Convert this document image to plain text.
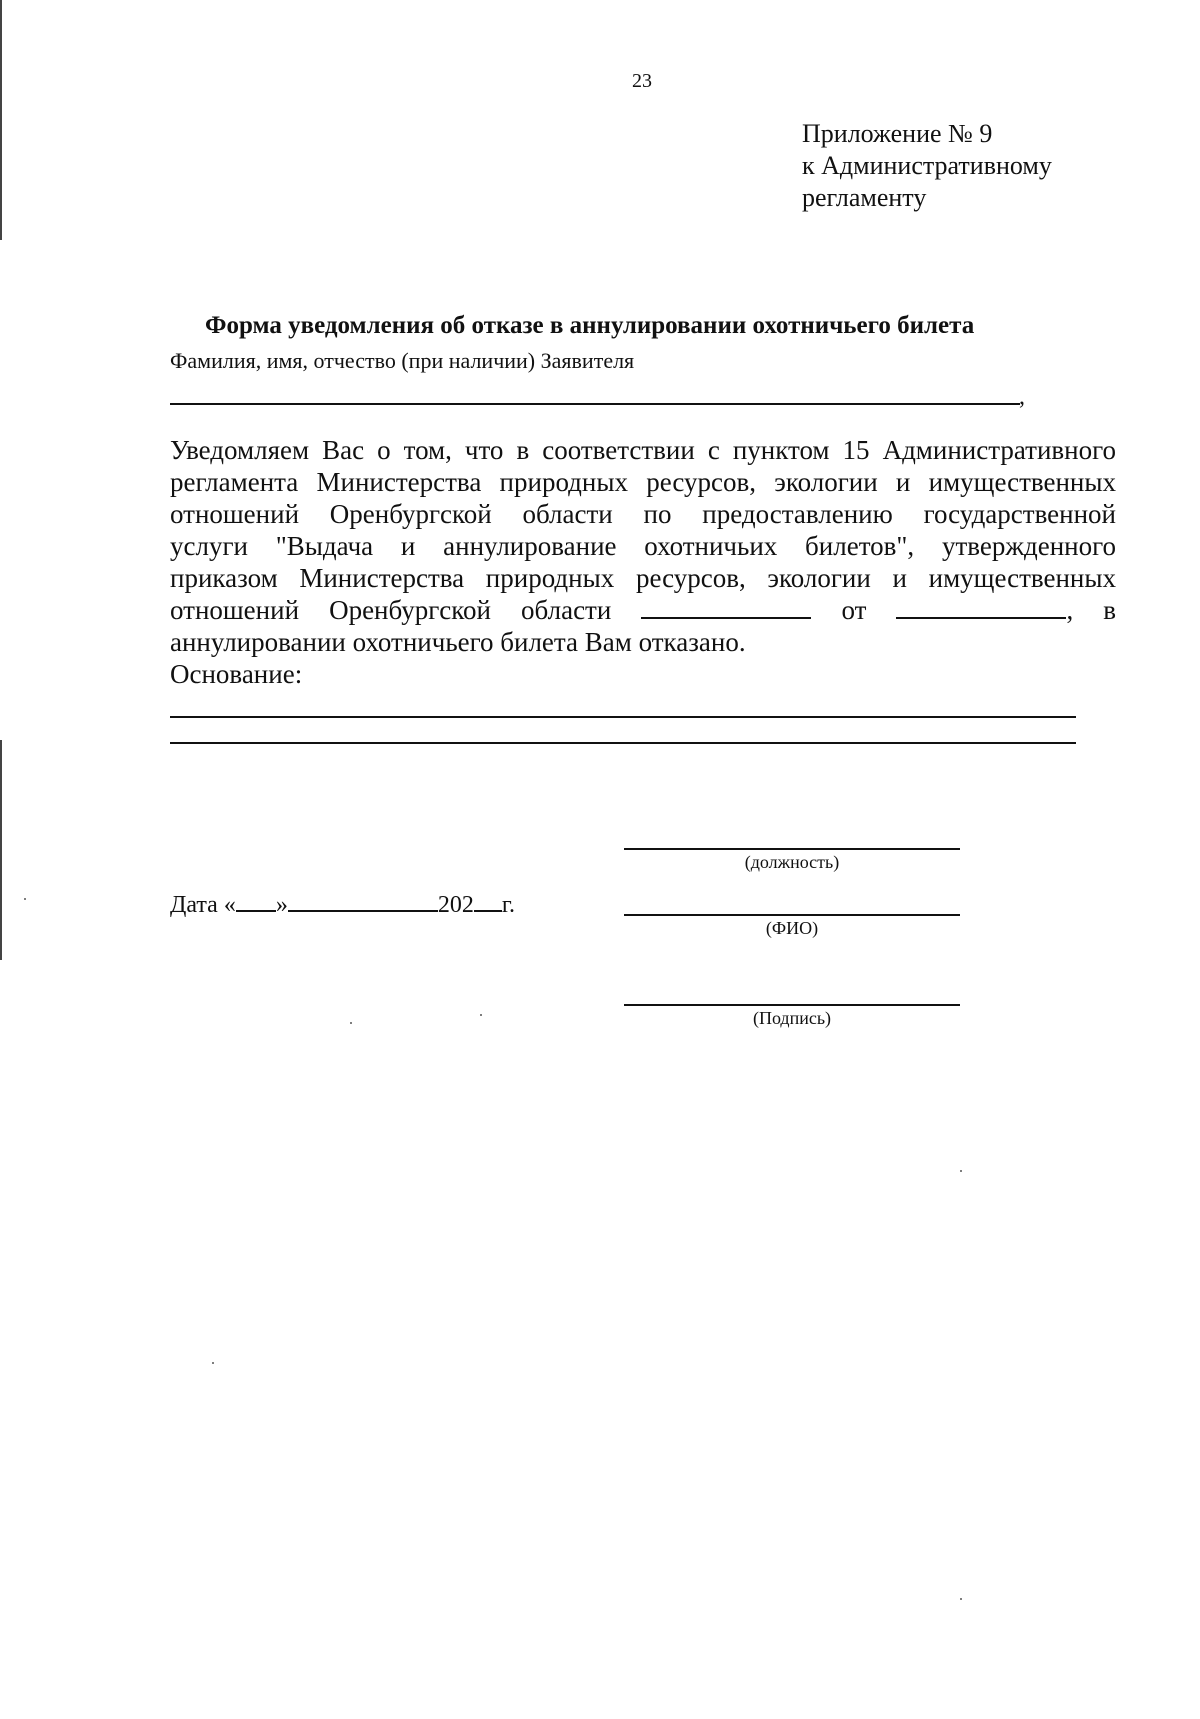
23
Приложение № 9
к Административному
регламенту
Форма уведомления об отказе в аннулировании охотничьего билета
Фамилия, имя, отчество (при наличии) Заявителя
,
Уведомляем Вас о том, что в соответствии с пунктом 15 Административного
регламента Министерства природных ресурсов, экологии и имущественных
отношений Оренбургской области по предоставлению государственной
услуги "Выдача и аннулирование охотничьих билетов", утвержденного
приказом Министерства природных ресурсов, экологии и имущественных
отношений Оренбургской области	от	, в
аннулировании охотничьего билета Вам отказано.
Основание:
(должность)
(ФИО)
(Подпись)
Дата « »	202 г.
